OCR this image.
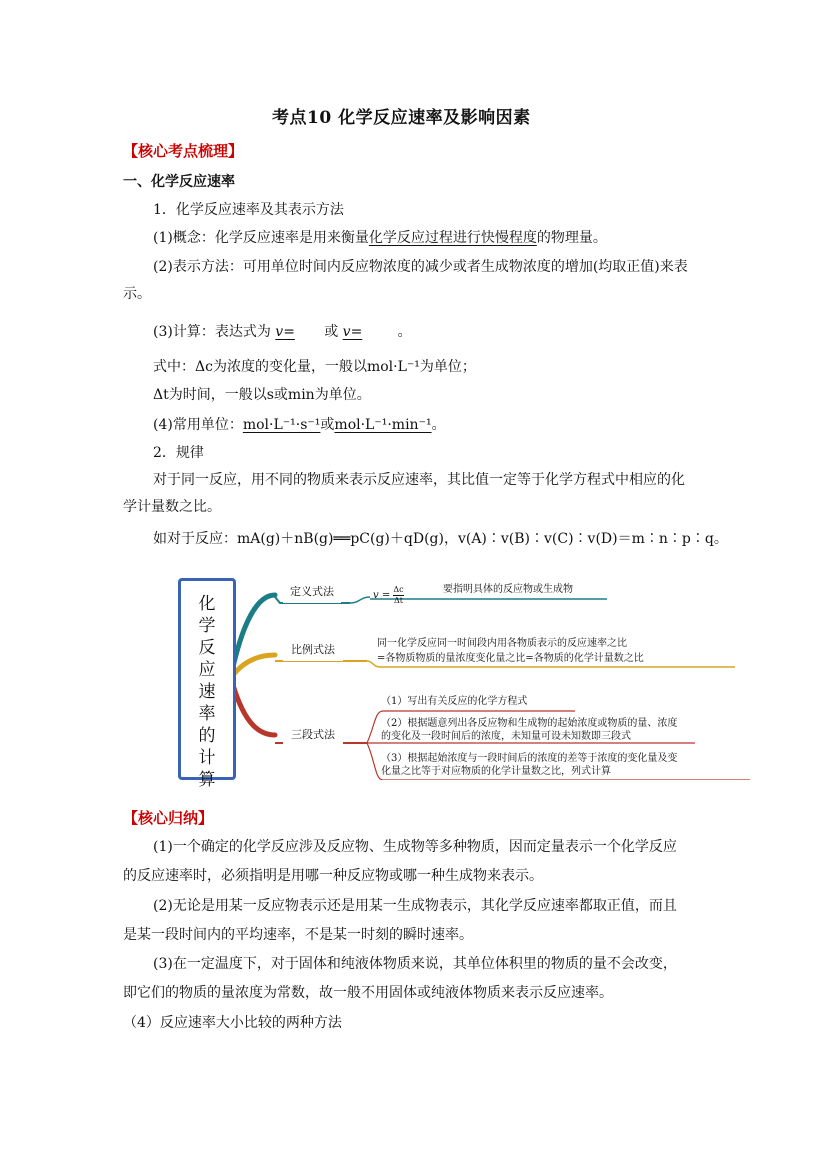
考点10 化学反应速率及影响因素
【核心考点梳理】
一、化学反应速率
1．化学反应速率及其表示方法
(1)概念：化学反应速率是用来衡量化学反应过程进行快慢程度的物理量。
(2)表示方法：可用单位时间内反应物浓度的减少或者生成物浓度的增加(均取正值)来表
示。
(3)计算：表达式为 v= 或 v=	。
式中：Δc为浓度的变化量，一般以mol·L⁻¹为单位；
Δt为时间，一般以s或min为单位。
(4)常用单位：mol·L⁻¹·s⁻¹或mol·L⁻¹·min⁻¹。
2．规律
对于同一反应，用不同的物质来表示反应速率，其比值一定等于化学方程式中相应的化
学计量数之比。
如对于反应：mA(g)＋nB(g)══pC(g)＋qD(g)，v(A)∶v(B)∶v(C)∶v(D)＝m∶n∶p∶q。
化
学
反
应
速
率
的
计
算
定义式法	$v = \frac{\Delta c}{\Delta t}$	要指明具体的反应物或生成物
比例式法	同一化学反应同一时间段内用各物质表示的反应速率之比
=各物质物质的量浓度变化量之比=各物质的化学计量数之比
三段式法
（1）写出有关反应的化学方程式
（2）根据题意列出各反应物和生成物的起始浓度或物质的量、浓度
的变化及一段时间后的浓度，未知量可设未知数即三段式
（3）根据起始浓度与一段时间后的浓度的差等于浓度的变化量及变
化量之比等于对应物质的化学计量数之比，列式计算
【核心归纳】
(1)一个确定的化学反应涉及反应物、生成物等多种物质，因而定量表示一个化学反应
的反应速率时，必须指明是用哪一种反应物或哪一种生成物来表示。
(2)无论是用某一反应物表示还是用某一生成物表示，其化学反应速率都取正值，而且
是某一段时间内的平均速率，不是某一时刻的瞬时速率。
(3)在一定温度下，对于固体和纯液体物质来说，其单位体积里的物质的量不会改变，
即它们的物质的量浓度为常数，故一般不用固体或纯液体物质来表示反应速率。
（4）反应速率大小比较的两种方法
